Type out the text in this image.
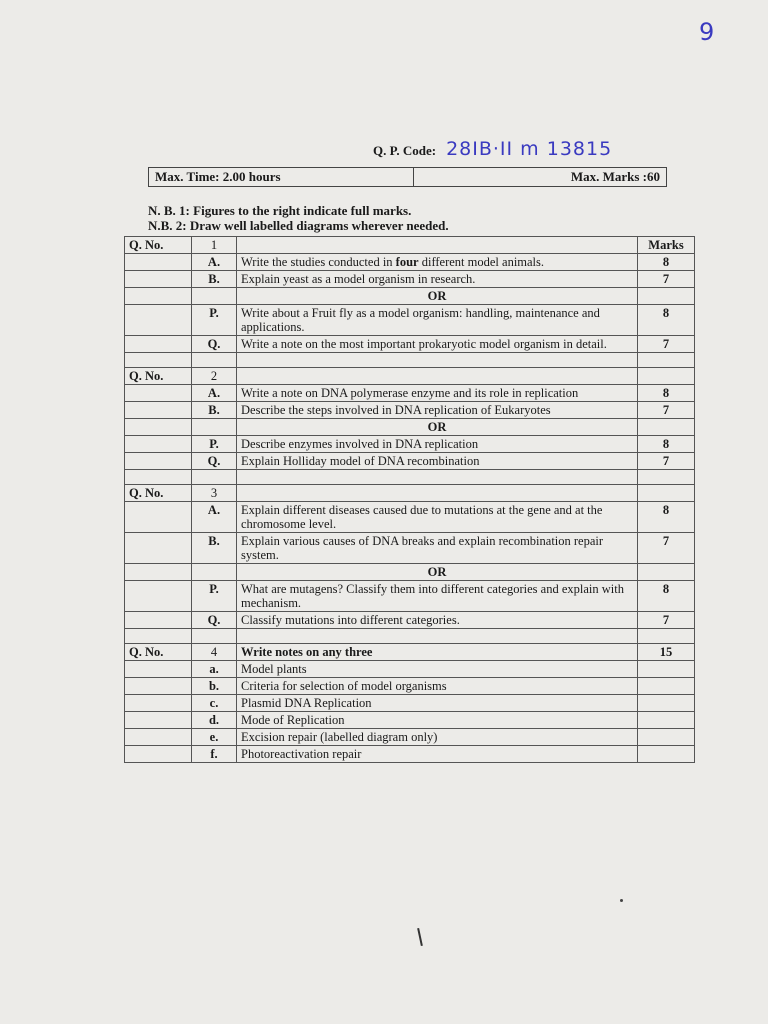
9
Q. P. Code: 28IB·II m 13815
Max. Time: 2.00 hours	Max. Marks :60
N. B. 1: Figures to the right indicate full marks.
N.B. 2: Draw well labelled diagrams wherever needed.
Q. No.	1		Marks
	A.	Write the studies conducted in four different model animals.	8
	B.	Explain yeast as a model organism in research.	7
		OR	
	P.	Write about a Fruit fly as a model organism: handling, maintenance and applications.	8
	Q.	Write a note on the most important prokaryotic model organism in detail.	7

Q. No.	2		
	A.	Write a note on DNA polymerase enzyme and its role in replication	8
	B.	Describe the steps involved in DNA replication of Eukaryotes	7
		OR	
	P.	Describe enzymes involved in DNA replication	8
	Q.	Explain Holliday model of DNA recombination	7

Q. No.	3		
	A.	Explain different diseases caused due to mutations at the gene and at the chromosome level.	8
	B.	Explain various causes of DNA breaks and explain recombination repair system.	7
		OR	
	P.	What are mutagens? Classify them into different categories and explain with mechanism.	8
	Q.	Classify mutations into different categories.	7

Q. No.	4	Write notes on any three	15
	a.	Model plants	
	b.	Criteria for selection of model organisms	
	c.	Plasmid DNA Replication	
	d.	Mode of Replication	
	e.	Excision repair (labelled diagram only)	
	f.	Photoreactivation repair	
